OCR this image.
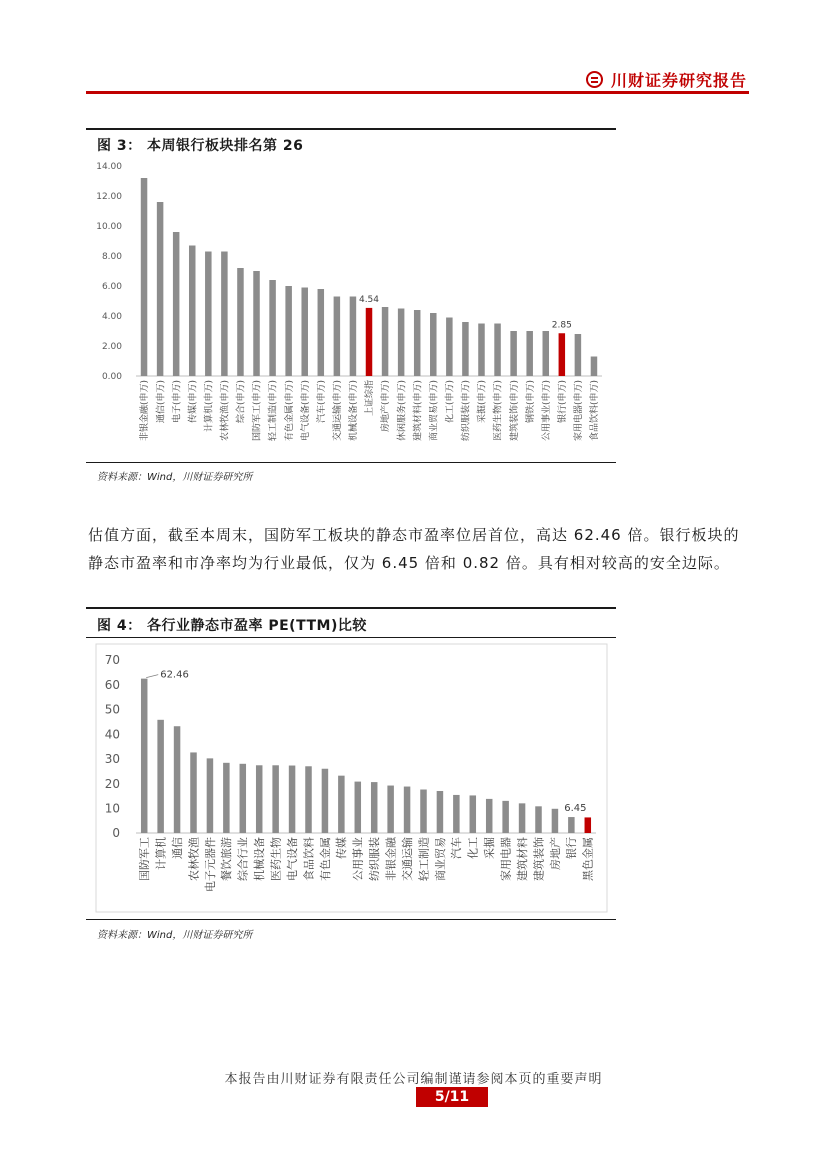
川财证券研究报告
图 3： 本周银行板块排名第 26
0.00
2.00
4.00
6.00
8.00
10.00
12.00
14.00
非银金融(申万) 通信(申万) 电子(申万) 传媒(申万) 计算机(申万) 农林牧渔(申万) 综合(申万) 国防军工(申万) 轻工制造(申万) 有色金属(申万) 电气设备(申万) 汽车(申万) 交通运输(申万) 机械设备(申万) 上证综指
4.54
房地产(申万) 休闲服务(申万) 建筑材料(申万) 商业贸易(申万) 化工(申万) 纺织服装(申万) 采掘(申万) 医药生物(申万) 建筑装饰(申万) 钢铁(申万) 公用事业(申万) 银行(申万)
2.85
家用电器(申万) 食品饮料(申万)
资料来源：Wind，川财证券研究所

估值方面，截至本周末，国防军工板块的静态市盈率位居首位，高达 62.46 倍。银行板块的静态市盈率和市净率均为行业最低，仅为 6.45 倍和 0.82 倍。具有相对较高的安全边际。

图 4： 各行业静态市盈率 PE(TTM)比较
0
10
20
30
40
50
60
70
国防军工
62.46
计算机 通信 农林牧渔 电子元器件 餐饮旅游 综合行业 机械设备 医药生物 电气设备 食品饮料 有色金属 传媒 公用事业 纺织服装 非银金融 交通运输 轻工制造 商业贸易 汽车 化工 采掘 家用电器 建筑材料 建筑装饰 房地产 银行
6.45
黑色金属
资料来源：Wind，川财证券研究所
本报告由川财证券有限责任公司编制谨请参阅本页的重要声明
5/11
